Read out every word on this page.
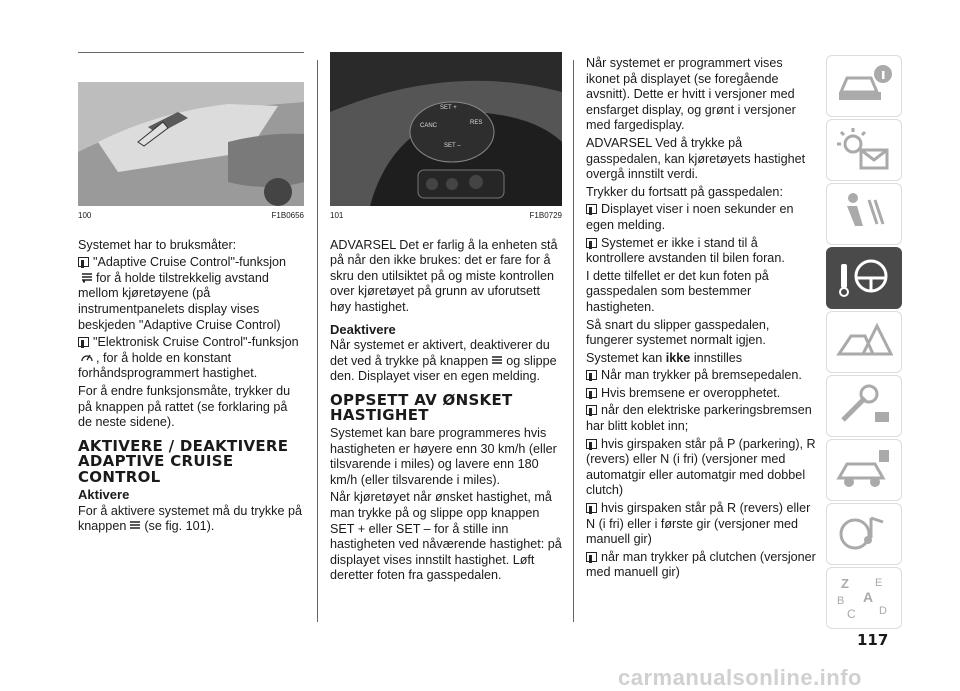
100	F1B0656

Systemet har to bruksmåter:

"Adaptive Cruise Control"-funksjon
for å holde tilstrekkelig avstand mellom kjøretøyene (på instrumentpanelets display vises beskjeden "Adaptive Cruise Control)

"Elektronisk Cruise Control"-funksjon
, for å holde en konstant forhåndsprogrammert hastighet.

For å endre funksjonsmåte, trykker du på knappen på rattet (se forklaring på de neste sidene).

AKTIVERE / DEAKTIVERE ADAPTIVE CRUISE CONTROL
Aktivere

For å aktivere systemet må du trykke på knappen (se fig. 101).

SET +
CANC	RES
SET –
101	F1B0729

ADVARSEL Det er farlig å la enheten stå på når den ikke brukes: det er fare for å skru den utilsiktet på og miste kontrollen over kjøretøyet på grunn av uforutsett høy hastighet.

Deaktivere

Når systemet er aktivert, deaktiverer du det ved å trykke på knappen og slippe den. Displayet viser en egen melding.

OPPSETT AV ØNSKET HASTIGHET

Systemet kan bare programmeres hvis hastigheten er høyere enn 30 km/h (eller tilsvarende i miles) og lavere enn 180 km/h (eller tilsvarende i miles).

Når kjøretøyet når ønsket hastighet, må man trykke på og slippe opp knappen SET + eller SET – for å stille inn hastigheten ved nåværende hastighet: på displayet vises innstilt hastighet. Løft deretter foten fra gasspedalen.

Når systemet er programmert vises ikonet på displayet (se foregående avsnitt). Dette er hvitt i versjoner med ensfarget display, og grønt i versjoner med fargedisplay.

ADVARSEL Ved å trykke på gasspedalen, kan kjøretøyets hastighet overgå innstilt verdi.

Trykker du fortsatt på gasspedalen:

Displayet viser i noen sekunder en egen melding.

Systemet er ikke i stand til å kontrollere avstanden til bilen foran.

I dette tilfellet er det kun foten på gasspedalen som bestemmer hastigheten.

Så snart du slipper gasspedalen, fungerer systemet normalt igjen.

Systemet kan ikke innstilles

Når man trykker på bremsepedalen.

Hvis bremsene er overopphetet.

når den elektriske parkeringsbremsen har blitt koblet inn;

hvis girspaken står på P (parkering), R (revers) eller N (i fri) (versjoner med automatgir eller automatgir med dobbel clutch)

hvis girspaken står på R (revers) eller N (i fri) eller i første gir (versjoner med manuell gir)

når man trykker på clutchen (versjoner med manuell gir)

Z E
B A
C D
117
carmanualsonline.info
